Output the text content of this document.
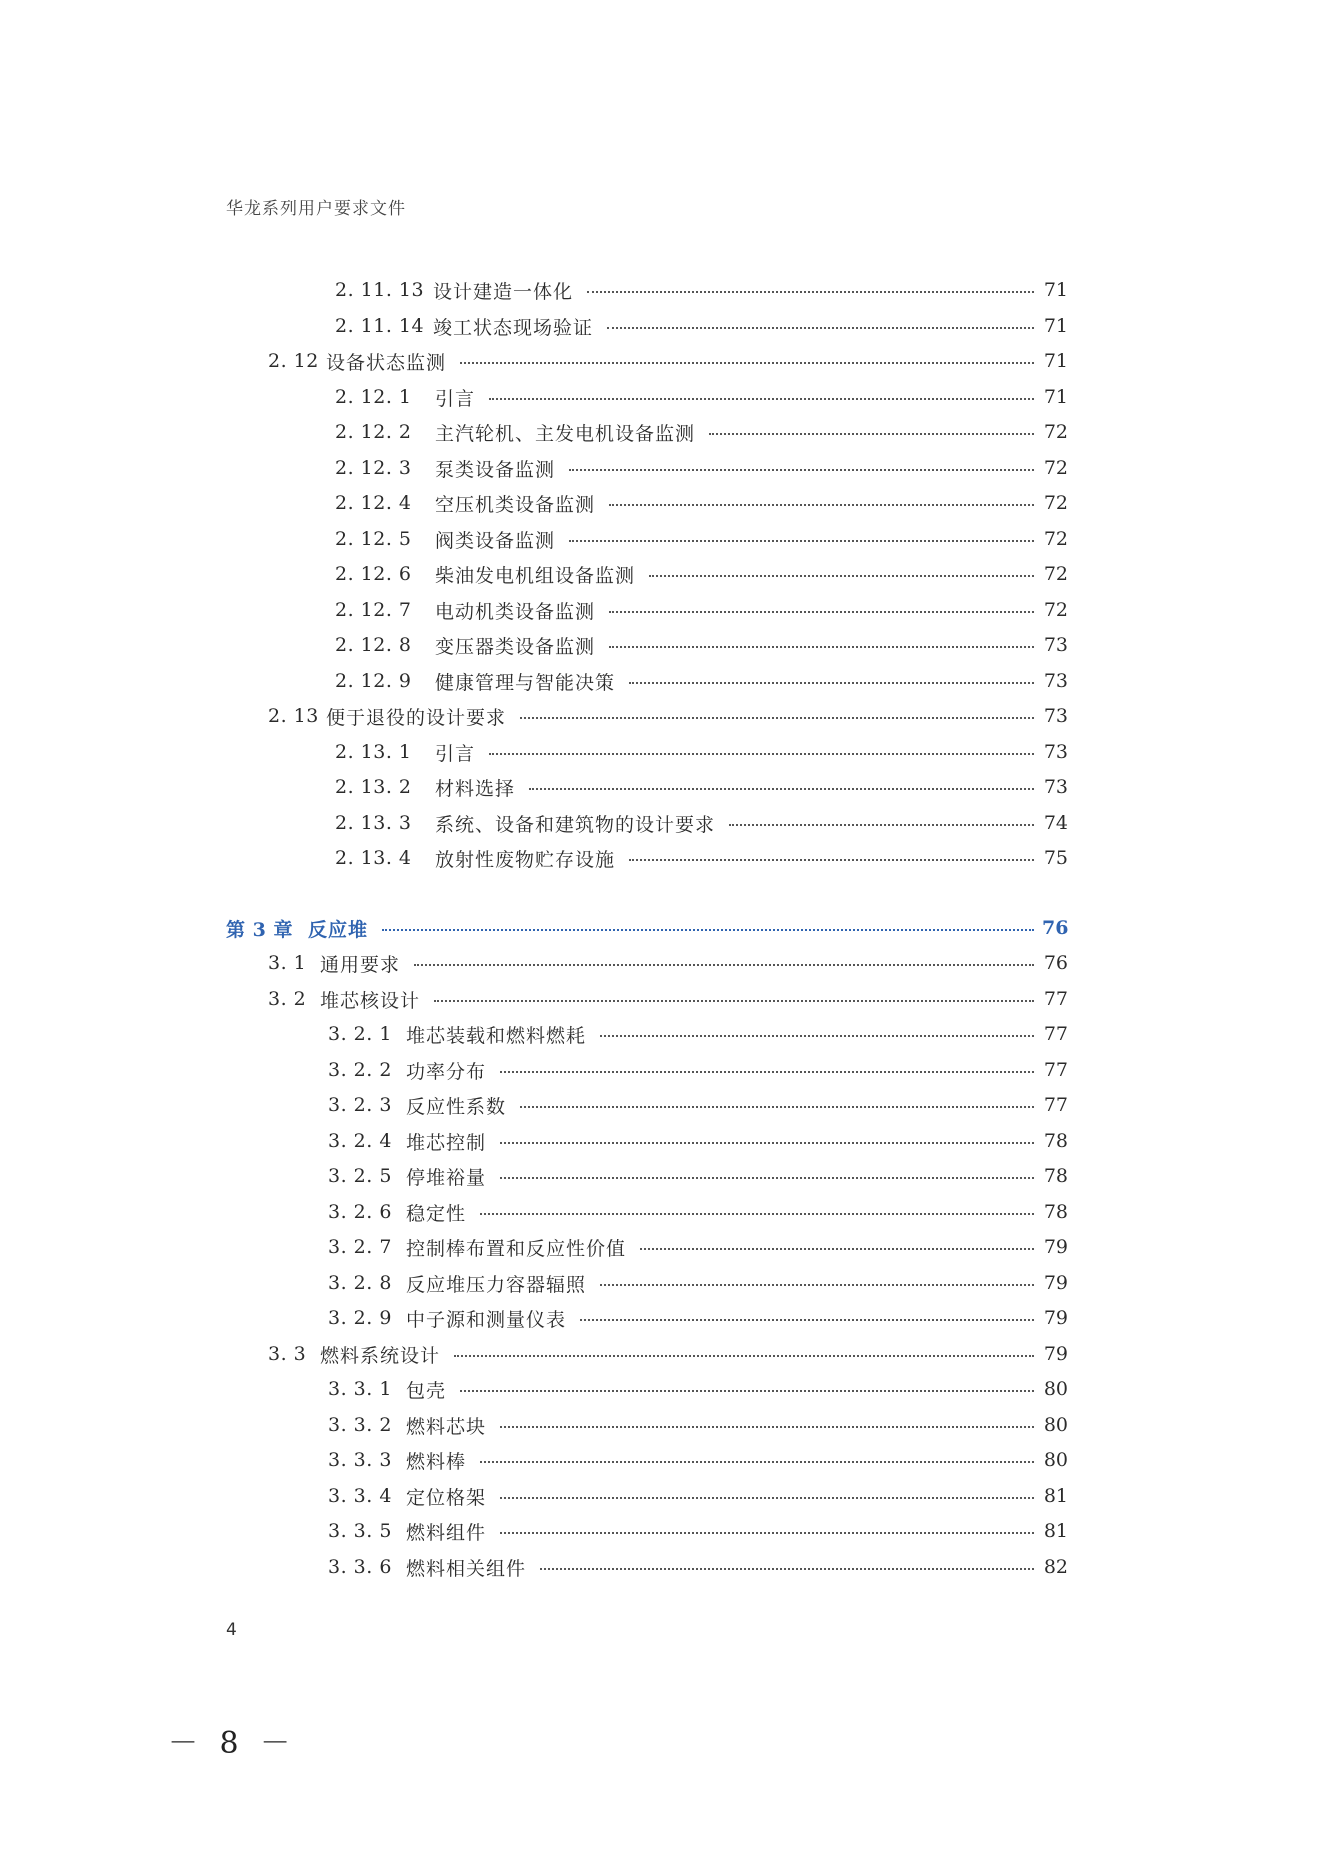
华龙系列用户要求文件
2. 11. 13 设计建造一体化	71
2. 11. 14 竣工状态现场验证	71
2. 12 设备状态监测	71
2. 12. 1	引言	71
2. 12. 2	主汽轮机、主发电机设备监测	72
2. 12. 3	泵类设备监测	72
2. 12. 4	空压机类设备监测	72
2. 12. 5	阀类设备监测	72
2. 12. 6	柴油发电机组设备监测	72
2. 12. 7	电动机类设备监测	72
2. 12. 8	变压器类设备监测	73
2. 12. 9	健康管理与智能决策	73
2. 13 便于退役的设计要求	73
2. 13. 1	引言	73
2. 13. 2	材料选择	73
2. 13. 3	系统、设备和建筑物的设计要求	74
2. 13. 4	放射性废物贮存设施	75
第 3 章 反应堆	76
3. 1 通用要求	76
3. 2 堆芯核设计	77
3. 2. 1 堆芯装载和燃料燃耗	77
3. 2. 2 功率分布	77
3. 2. 3 反应性系数	77
3. 2. 4 堆芯控制	78
3. 2. 5 停堆裕量	78
3. 2. 6 稳定性	78
3. 2. 7 控制棒布置和反应性价值	79
3. 2. 8 反应堆压力容器辐照	79
3. 2. 9 中子源和测量仪表	79
3. 3 燃料系统设计	79
3. 3. 1 包壳	80
3. 3. 2 燃料芯块	80
3. 3. 3 燃料棒	80
3. 3. 4 定位格架	81
3. 3. 5 燃料组件	81
3. 3. 6 燃料相关组件	82
4
－ 8 －
